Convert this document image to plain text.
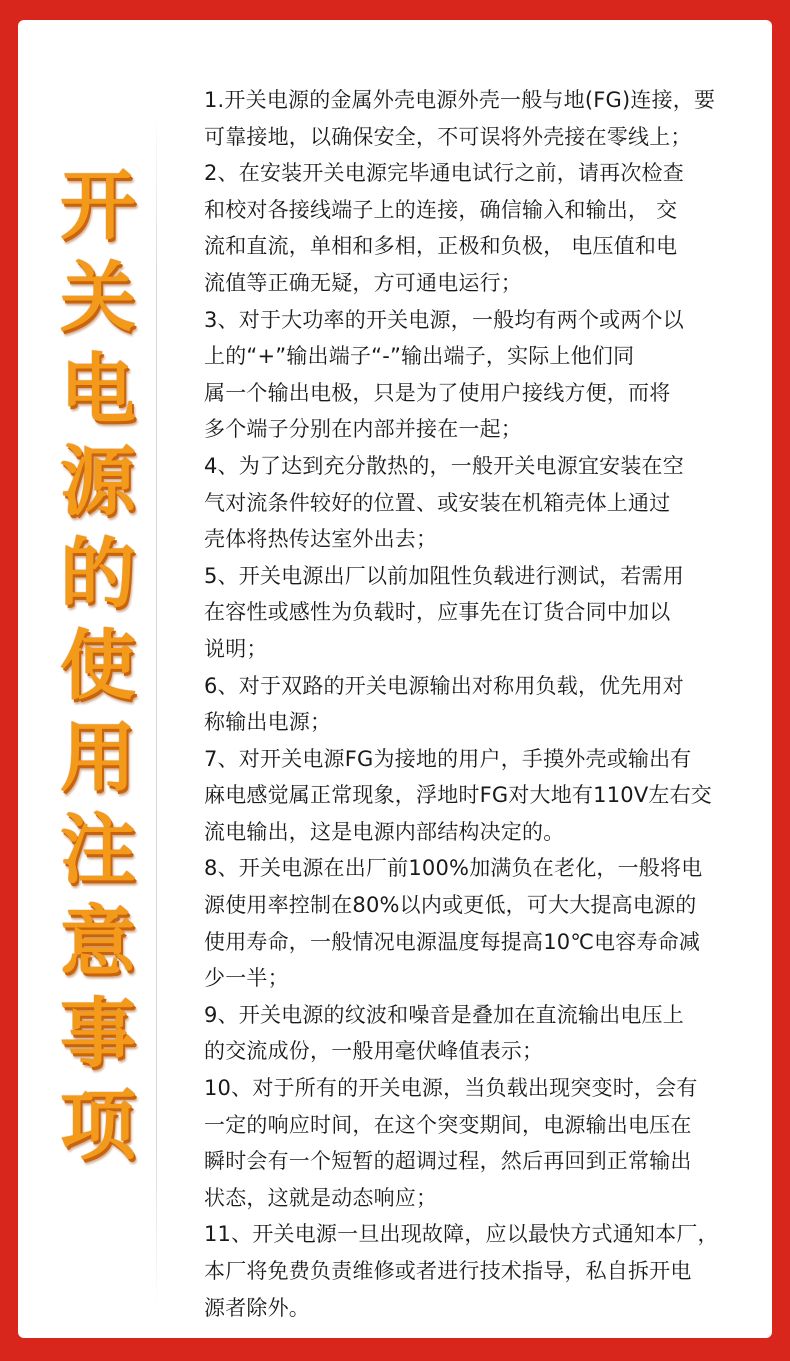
开
关
电
源
的
使
用
注
意
事
项

1.开关电源的金属外壳电源外壳一般与地(FG)连接，要
可靠接地，以确保安全，不可误将外壳接在零线上；

2、在安装开关电源完毕通电试行之前，请再次检查
和校对各接线端子上的连接，确信输入和输出， 交
流和直流，单相和多相，正极和负极， 电压值和电
流值等正确无疑，方可通电运行；

3、对于大功率的开关电源，一般均有两个或两个以
上的“+”输出端子“-”输出端子，实际上他们同
属一个输出电极，只是为了使用户接线方便，而将
多个端子分别在内部并接在一起；

4、为了达到充分散热的，一般开关电源宜安装在空
气对流条件较好的位置、或安装在机箱壳体上通过
壳体将热传达室外出去；

5、开关电源出厂以前加阻性负载进行测试，若需用
在容性或感性为负载时，应事先在订货合同中加以
说明；

6、对于双路的开关电源输出对称用负载，优先用对
称输出电源；

7、对开关电源FG为接地的用户，手摸外壳或输出有
麻电感觉属正常现象，浮地时FG对大地有110V左右交
流电输出，这是电源内部结构决定的。

8、开关电源在出厂前100%加满负在老化，一般将电
源使用率控制在80%以内或更低，可大大提高电源的
使用寿命，一般情况电源温度每提高10℃电容寿命减
少一半；

9、开关电源的纹波和噪音是叠加在直流输出电压上
的交流成份，一般用毫伏峰值表示；

10、对于所有的开关电源，当负载出现突变时，会有
一定的响应时间，在这个突变期间，电源输出电压在
瞬时会有一个短暂的超调过程，然后再回到正常输出
状态，这就是动态响应；

11、开关电源一旦出现故障，应以最快方式通知本厂，
本厂将免费负责维修或者进行技术指导，私自拆开电
源者除外。
